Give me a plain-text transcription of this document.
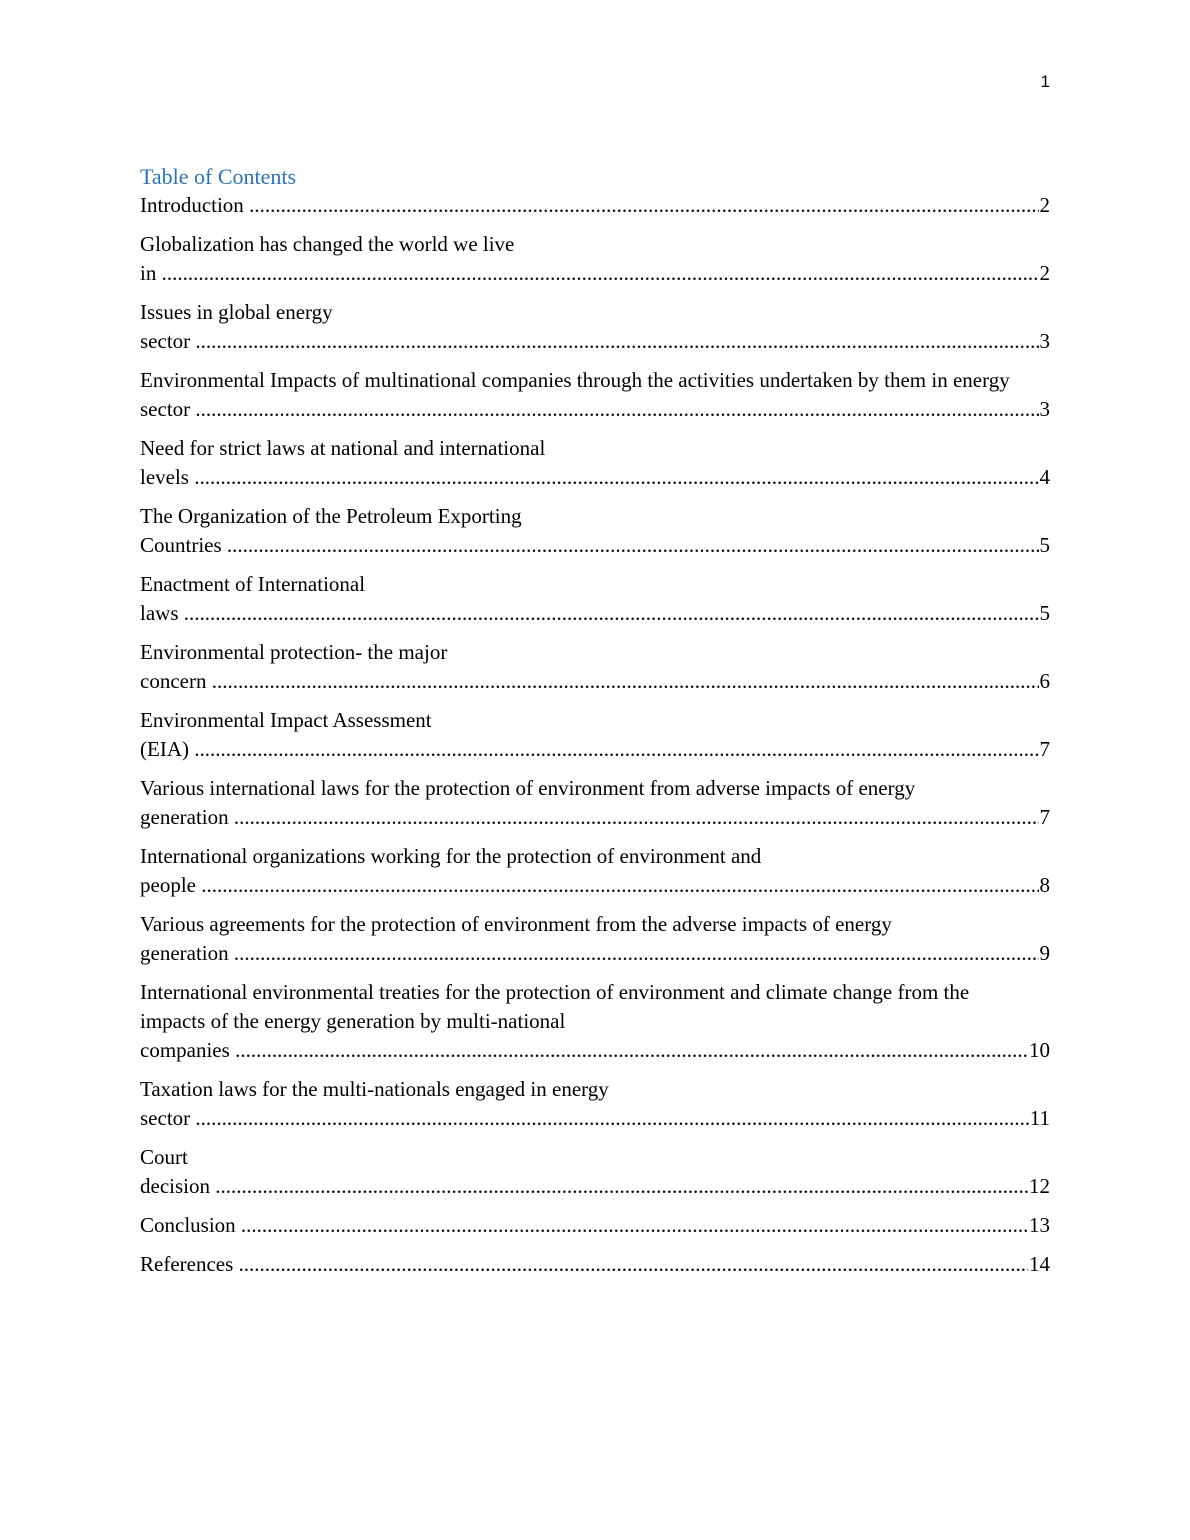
1
Table of Contents
Introduction .....	2
Globalization has changed the world we live in .....	2
Issues in global energy sector .....	3
Environmental Impacts of multinational companies through the activities undertaken by them in energy sector .....	3
Need for strict laws at national and international levels .....	4
The Organization of the Petroleum Exporting Countries .....	5
Enactment of International laws .....	5
Environmental protection- the major concern .....	6
Environmental Impact Assessment (EIA) .....	7
Various international laws for the protection of environment from adverse impacts of energy generation .....	7
International organizations working for the protection of environment and people .....	8
Various agreements for the protection of environment from the adverse impacts of energy generation .....	9
International environmental treaties for the protection of environment and climate change from the impacts of the energy generation by multi-national companies .....	10
Taxation laws for the multi-nationals engaged in energy sector .....	11
Court decision .....	12
Conclusion .....	13
References .....	14
